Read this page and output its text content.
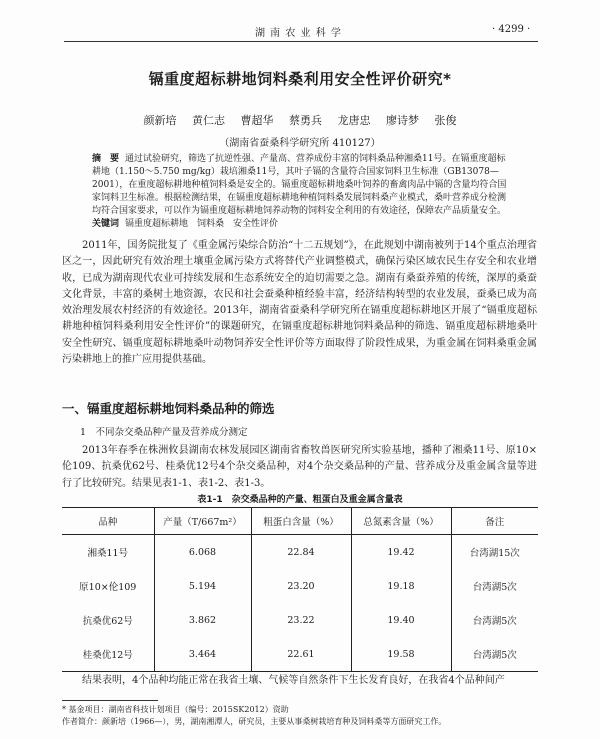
湖 南 农 业 科 学	· 4299 ·
镉重度超标耕地饲料桑利用安全性评价研究*
颜新培 黄仁志 曹超华 蔡勇兵 龙唐忠 廖诗梦 张俊
（湖南省蚕桑科学研究所 410127）

摘　要 通过试验研究，筛选了抗逆性强、产量高、营养成份丰富的饲料桑品种湘桑11号。在镉重度超标耕地（1.150～5.750 mg/kg）栽培湘桑11号，其叶子镉的含量符合国家饲料卫生标准（GB13078—2001），在重度超标耕地种植饲料桑是安全的。镉重度超标耕地桑叶饲养的畜禽肉品中镉的含量均符合国家饲料卫生标准。根据检测结果，在镉重度超标耕地种植饲料桑发展饲料桑产业模式，桑叶营养成分检测均符合国家要求，可以作为镉重度超标耕地饲养动物的饲料安全利用的有效途径，保障农产品质量安全。

关键词 镉重度超标耕地　饲料桑　安全性评价

2011年，国务院批复了《重金属污染综合防治“十二五规划”》，在此规划中湖南被列于14个重点治理省区之一，因此研究有效治理土壤重金属污染方式将替代产业调整模式，确保污染区域农民生存安全和农业增收，已成为湖南现代农业可持续发展和生态系统安全的迫切需要之急。湖南有桑蚕养殖的传统，深厚的桑蚕文化背景，丰富的桑树土地资源，农民和社会蚕桑种植经验丰富，经济结构转型的农业发展，蚕桑已成为高效治理发展农村经济的有效途径。2013年，湖南省蚕桑科学研究所在镉重度超标耕地区开展了“镉重度超标耕地种植饲料桑利用安全性评价”的课题研究，在镉重度超标耕地饲料桑品种的筛选、镉重度超标耕地桑叶安全性研究、镉重度超标耕地桑叶动物饲养安全性评价等方面取得了阶段性成果，为重金属在饲料桑重金属污染耕地上的推广应用提供基础。

一、镉重度超标耕地饲料桑品种的筛选
1　不同杂交桑品种产量及营养成分测定

2013年春季在株洲攸县湖南农林发展园区湖南省畜牧兽医研究所实验基地，播种了湘桑11号、原10×伦109、抗桑优62号、桂桑优12号4个杂交桑品种，对4个杂交桑品种的产量、营养成分及重金属含量等进行了比较研究。结果见表1-1、表1-2、表1-3。

表1-1　杂交桑品种的产量、粗蛋白及重金属含量表
品种	产量（T/667m²）	粗蛋白含量（%）	总氮素含量（%）	备注
湘桑11号	6.068	22.84	19.42	台湾湖15次
原10×伦109	5.194	23.20	19.18	台湾湖5次
抗桑优62号	3.862	23.22	19.40	台湾湖5次
桂桑优12号	3.464	22.61	19.58	台湾湖5次

结果表明，4个品种均能正常在我省土壤、气候等自然条件下生长发育良好，在我省4个品种间产

* 基金项目：湖南省科技计划项目（编号：2015SK2012）资助
作者简介：颜新培（1966—），男，湖南湘潭人，研究员，主要从事桑树栽培育种及饲料桑等方面研究工作。
